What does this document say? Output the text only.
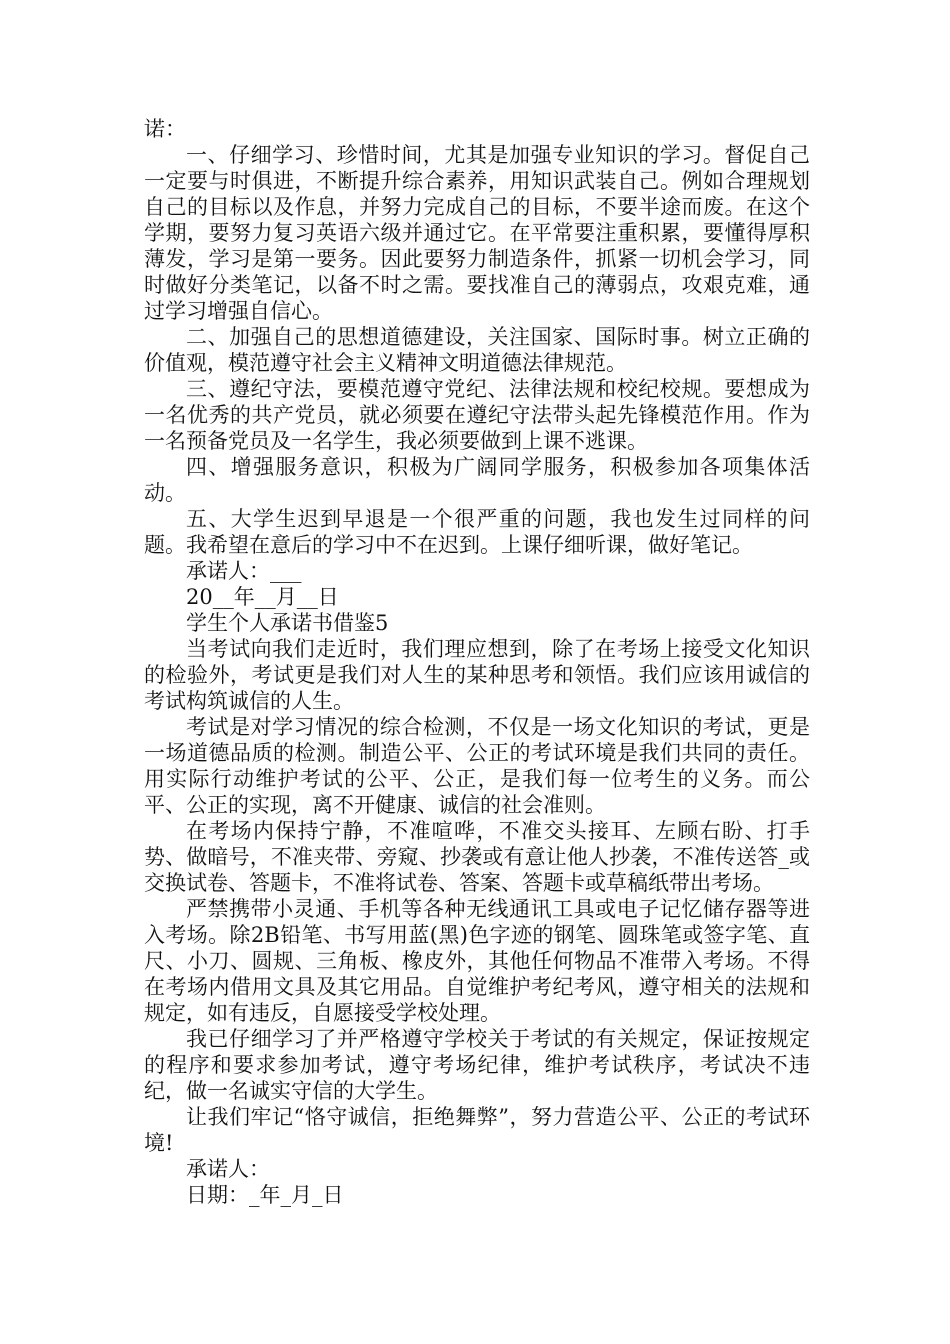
诺：

一、仔细学习、珍惜时间，尤其是加强专业知识的学习。督促自己一定要与时俱进，不断提升综合素养，用知识武装自己。例如合理规划自己的目标以及作息，并努力完成自己的目标，不要半途而废。在这个学期，要努力复习英语六级并通过它。在平常要注重积累，要懂得厚积薄发，学习是第一要务。因此要努力制造条件，抓紧一切机会学习，同时做好分类笔记，以备不时之需。要找准自己的薄弱点，攻艰克难，通过学习增强自信心。

二、加强自己的思想道德建设，关注国家、国际时事。树立正确的价值观，模范遵守社会主义精神文明道德法律规范。

三、遵纪守法，要模范遵守党纪、法律法规和校纪校规。要想成为一名优秀的共产党员，就必须要在遵纪守法带头起先锋模范作用。作为一名预备党员及一名学生，我必须要做到上课不逃课。

四、增强服务意识，积极为广阔同学服务，积极参加各项集体活动。

五、大学生迟到早退是一个很严重的问题，我也发生过同样的问题。我希望在意后的学习中不在迟到。上课仔细听课，做好笔记。

承诺人：___

20__年__月__日

学生个人承诺书借鉴5

当考试向我们走近时，我们理应想到，除了在考场上接受文化知识的检验外，考试更是我们对人生的某种思考和领悟。我们应该用诚信的考试构筑诚信的人生。

考试是对学习情况的综合检测，不仅是一场文化知识的考试，更是一场道德品质的检测。制造公平、公正的考试环境是我们共同的责任。用实际行动维护考试的公平、公正，是我们每一位考生的义务。而公平、公正的实现，离不开健康、诚信的社会准则。

在考场内保持宁静，不准喧哗，不准交头接耳、左顾右盼、打手势、做暗号，不准夹带、旁窥、抄袭或有意让他人抄袭，不准传送答_或交换试卷、答题卡，不准将试卷、答案、答题卡或草稿纸带出考场。

严禁携带小灵通、手机等各种无线通讯工具或电子记忆储存器等进入考场。除2B铅笔、书写用蓝(黑)色字迹的钢笔、圆珠笔或签字笔、直尺、小刀、圆规、三角板、橡皮外，其他任何物品不准带入考场。不得在考场内借用文具及其它用品。自觉维护考纪考风，遵守相关的法规和规定，如有违反，自愿接受学校处理。

我已仔细学习了并严格遵守学校关于考试的有关规定，保证按规定的程序和要求参加考试，遵守考场纪律，维护考试秩序，考试决不违纪，做一名诚实守信的大学生。

让我们牢记“恪守诚信，拒绝舞弊”，努力营造公平、公正的考试环境!

承诺人：

日期：_年_月_日
